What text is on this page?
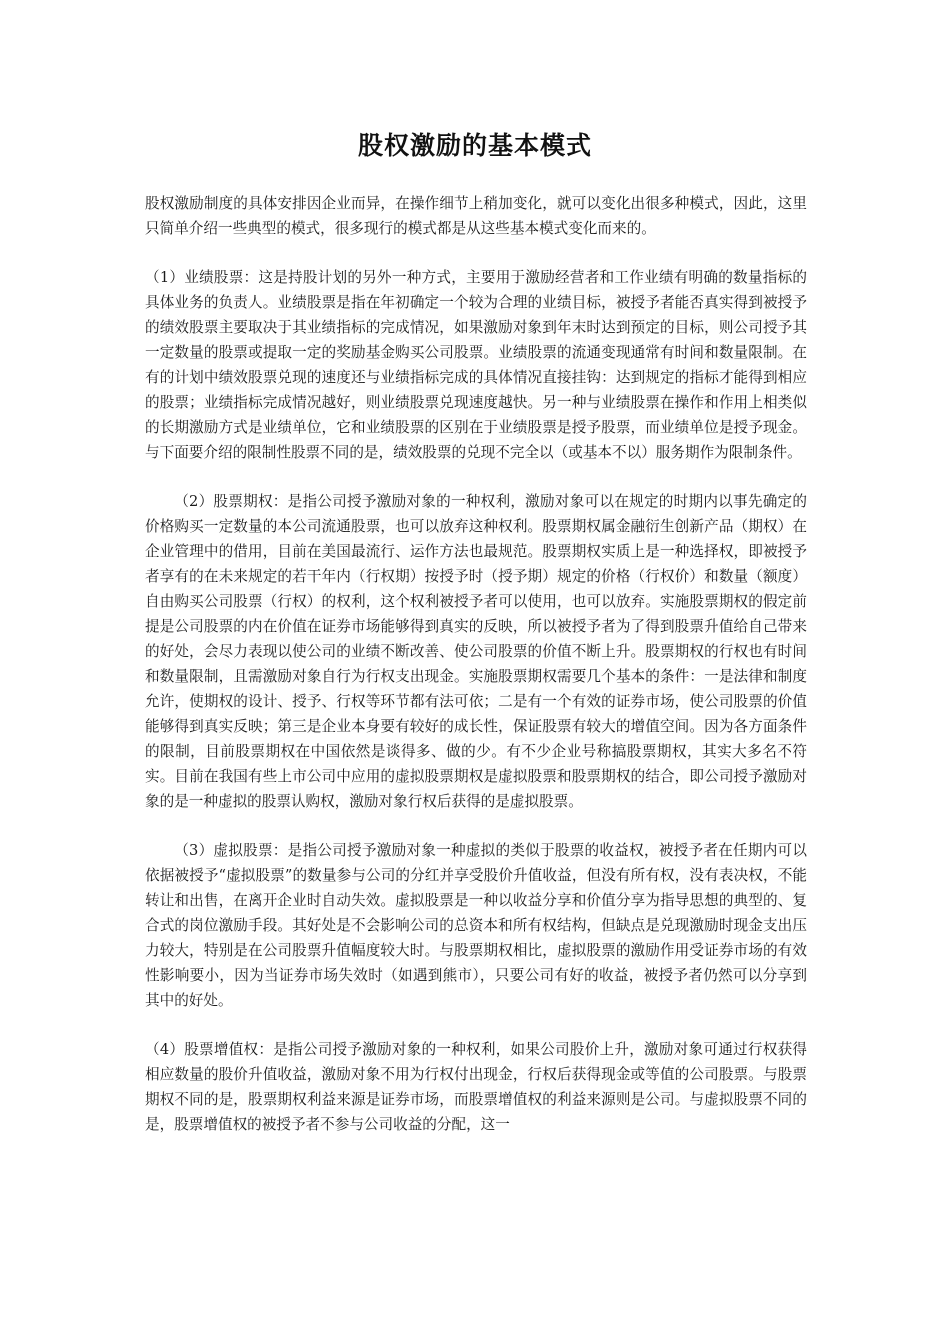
股权激励的基本模式

股权激励制度的具体安排因企业而异，在操作细节上稍加变化，就可以变化出很多种模式，因此，这里只简单介绍一些典型的模式，很多现行的模式都是从这些基本模式变化而来的。

（1）业绩股票：这是持股计划的另外一种方式，主要用于激励经营者和工作业绩有明确的数量指标的具体业务的负责人。业绩股票是指在年初确定一个较为合理的业绩目标，被授予者能否真实得到被授予的绩效股票主要取决于其业绩指标的完成情况，如果激励对象到年末时达到预定的目标，则公司授予其一定数量的股票或提取一定的奖励基金购买公司股票。业绩股票的流通变现通常有时间和数量限制。在有的计划中绩效股票兑现的速度还与业绩指标完成的具体情况直接挂钩：达到规定的指标才能得到相应的股票；业绩指标完成情况越好，则业绩股票兑现速度越快。另一种与业绩股票在操作和作用上相类似的长期激励方式是业绩单位，它和业绩股票的区别在于业绩股票是授予股票，而业绩单位是授予现金。与下面要介绍的限制性股票不同的是，绩效股票的兑现不完全以（或基本不以）服务期作为限制条件。

（2）股票期权：是指公司授予激励对象的一种权利，激励对象可以在规定的时期内以事先确定的价格购买一定数量的本公司流通股票，也可以放弃这种权利。股票期权属金融衍生创新产品（期权）在企业管理中的借用，目前在美国最流行、运作方法也最规范。股票期权实质上是一种选择权，即被授予者享有的在未来规定的若干年内（行权期）按授予时（授予期）规定的价格（行权价）和数量（额度）自由购买公司股票（行权）的权利，这个权利被授予者可以使用，也可以放弃。实施股票期权的假定前提是公司股票的内在价值在证券市场能够得到真实的反映，所以被授予者为了得到股票升值给自己带来的好处，会尽力表现以使公司的业绩不断改善、使公司股票的价值不断上升。股票期权的行权也有时间和数量限制，且需激励对象自行为行权支出现金。实施股票期权需要几个基本的条件：一是法律和制度允许，使期权的设计、授予、行权等环节都有法可依；二是有一个有效的证券市场，使公司股票的价值能够得到真实反映；第三是企业本身要有较好的成长性，保证股票有较大的增值空间。因为各方面条件的限制，目前股票期权在中国依然是谈得多、做的少。有不少企业号称搞股票期权，其实大多名不符实。目前在我国有些上市公司中应用的虚拟股票期权是虚拟股票和股票期权的结合，即公司授予激励对象的是一种虚拟的股票认购权，激励对象行权后获得的是虚拟股票。

（3）虚拟股票：是指公司授予激励对象一种虚拟的类似于股票的收益权，被授予者在任期内可以依据被授予“虚拟股票”的数量参与公司的分红并享受股价升值收益，但没有所有权，没有表决权，不能转让和出售，在离开企业时自动失效。虚拟股票是一种以收益分享和价值分享为指导思想的典型的、复合式的岗位激励手段。其好处是不会影响公司的总资本和所有权结构，但缺点是兑现激励时现金支出压力较大，特别是在公司股票升值幅度较大时。与股票期权相比，虚拟股票的激励作用受证券市场的有效性影响要小，因为当证券市场失效时（如遇到熊市），只要公司有好的收益，被授予者仍然可以分享到其中的好处。

（4）股票增值权：是指公司授予激励对象的一种权利，如果公司股价上升，激励对象可通过行权获得相应数量的股价升值收益，激励对象不用为行权付出现金，行权后获得现金或等值的公司股票。与股票期权不同的是，股票期权利益来源是证券市场，而股票增值权的利益来源则是公司。与虚拟股票不同的是，股票增值权的被授予者不参与公司收益的分配，这一
